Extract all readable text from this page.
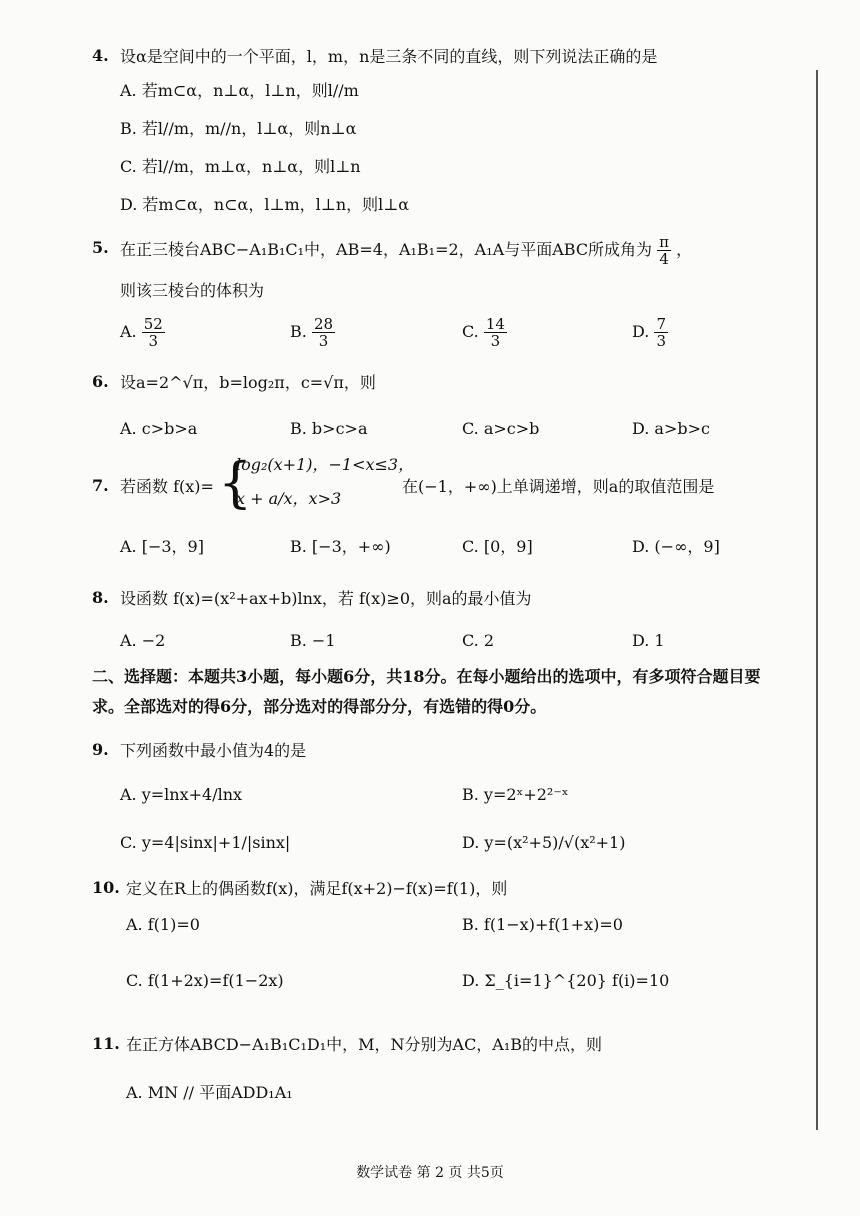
4. 设α是空间中的一个平面，l，m，n是三条不同的直线，则下列说法正确的是
A. 若m⊂α，n⊥α，l⊥n，则l//m
B. 若l//m，m//n，l⊥α，则n⊥α
C. 若l//m，m⊥α，n⊥α，则l⊥n
D. 若m⊂α，n⊂α，l⊥m，l⊥n，则l⊥α
5. 在正三棱台ABC−A₁B₁C₁中，AB=4，A₁B₁=2，A₁A与平面ABC所成角为 $\frac{\pi}{4}$ ，
则该三棱台的体积为
A. $\frac{52}{3}$	B. $\frac{28}{3}$	C. $\frac{14}{3}$	D. $\frac{7}{3}$
6. 设a=2^√π，b=log₂π，c=√π，则
A. c>b>a	B. b>c>a	C. a>c>b	D. a>b>c
7. 若函数 f(x)= {
log₂(x+1)，−1<x≤3，
x + a/x，x>3
在(−1，+∞)上单调递增，则a的取值范围是
A. [−3，9]	B. [−3，+∞)	C. [0，9]	D. (−∞，9]
8. 设函数 f(x)=(x²+ax+b)lnx，若 f(x)≥0，则a的最小值为
A. −2	B. −1	C. 2	D. 1
二、选择题：本题共3小题，每小题6分，共18分。在每小题给出的选项中，有多项符合题目要求。全部选对的得6分，部分选对的得部分分，有选错的得0分。
9. 下列函数中最小值为4的是
A. y=lnx+4/lnx	B. y=2ˣ+2²⁻ˣ
C. y=4|sinx|+1/|sinx|	D. y=(x²+5)/√(x²+1)
10. 定义在R上的偶函数f(x)，满足f(x+2)−f(x)=f(1)，则
A. f(1)=0	B. f(1−x)+f(1+x)=0
C. f(1+2x)=f(1−2x)	D. Σ_{i=1}^{20} f(i)=10
11. 在正方体ABCD−A₁B₁C₁D₁中，M，N分别为AC，A₁B的中点，则
A. MN // 平面ADD₁A₁
数学试卷 第 2 页 共5页
